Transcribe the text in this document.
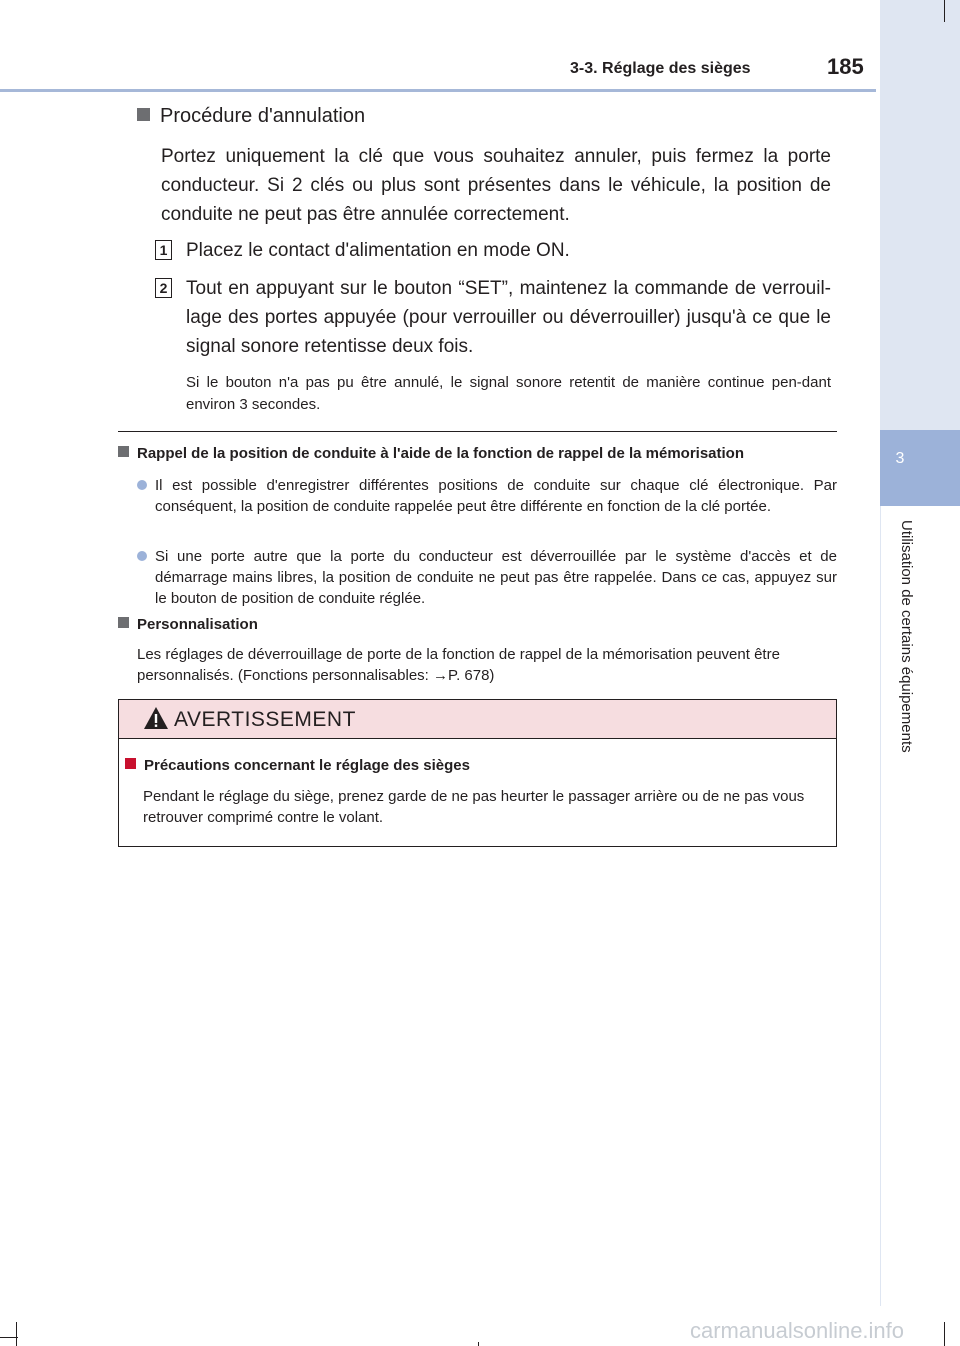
3-3. Réglage des sièges	185
3
Utilisation de certains équipements
Procédure d'annulation
Portez uniquement la clé que vous souhaitez annuler, puis fermez la porte conducteur. Si 2 clés ou plus sont présentes dans le véhicule, la position de conduite ne peut pas être annulée correctement.
1 Placez le contact d'alimentation en mode ON.
2 Tout en appuyant sur le bouton “SET”, maintenez la commande de verrouil-lage des portes appuyée (pour verrouiller ou déverrouiller) jusqu'à ce que le signal sonore retentisse deux fois.
Si le bouton n'a pas pu être annulé, le signal sonore retentit de manière continue pen-dant environ 3 secondes.
Rappel de la position de conduite à l'aide de la fonction de rappel de la mémorisation
Il est possible d'enregistrer différentes positions de conduite sur chaque clé électronique. Par conséquent, la position de conduite rappelée peut être différente en fonction de la clé portée.
Si une porte autre que la porte du conducteur est déverrouillée par le système d'accès et de démarrage mains libres, la position de conduite ne peut pas être rappelée. Dans ce cas, appuyez sur le bouton de position de conduite réglée.
Personnalisation
Les réglages de déverrouillage de porte de la fonction de rappel de la mémorisation peuvent être personnalisés. (Fonctions personnalisables: →P. 678)
AVERTISSEMENT
Précautions concernant le réglage des sièges
Pendant le réglage du siège, prenez garde de ne pas heurter le passager arrière ou de ne pas vous retrouver comprimé contre le volant.
carmanualsonline.info
